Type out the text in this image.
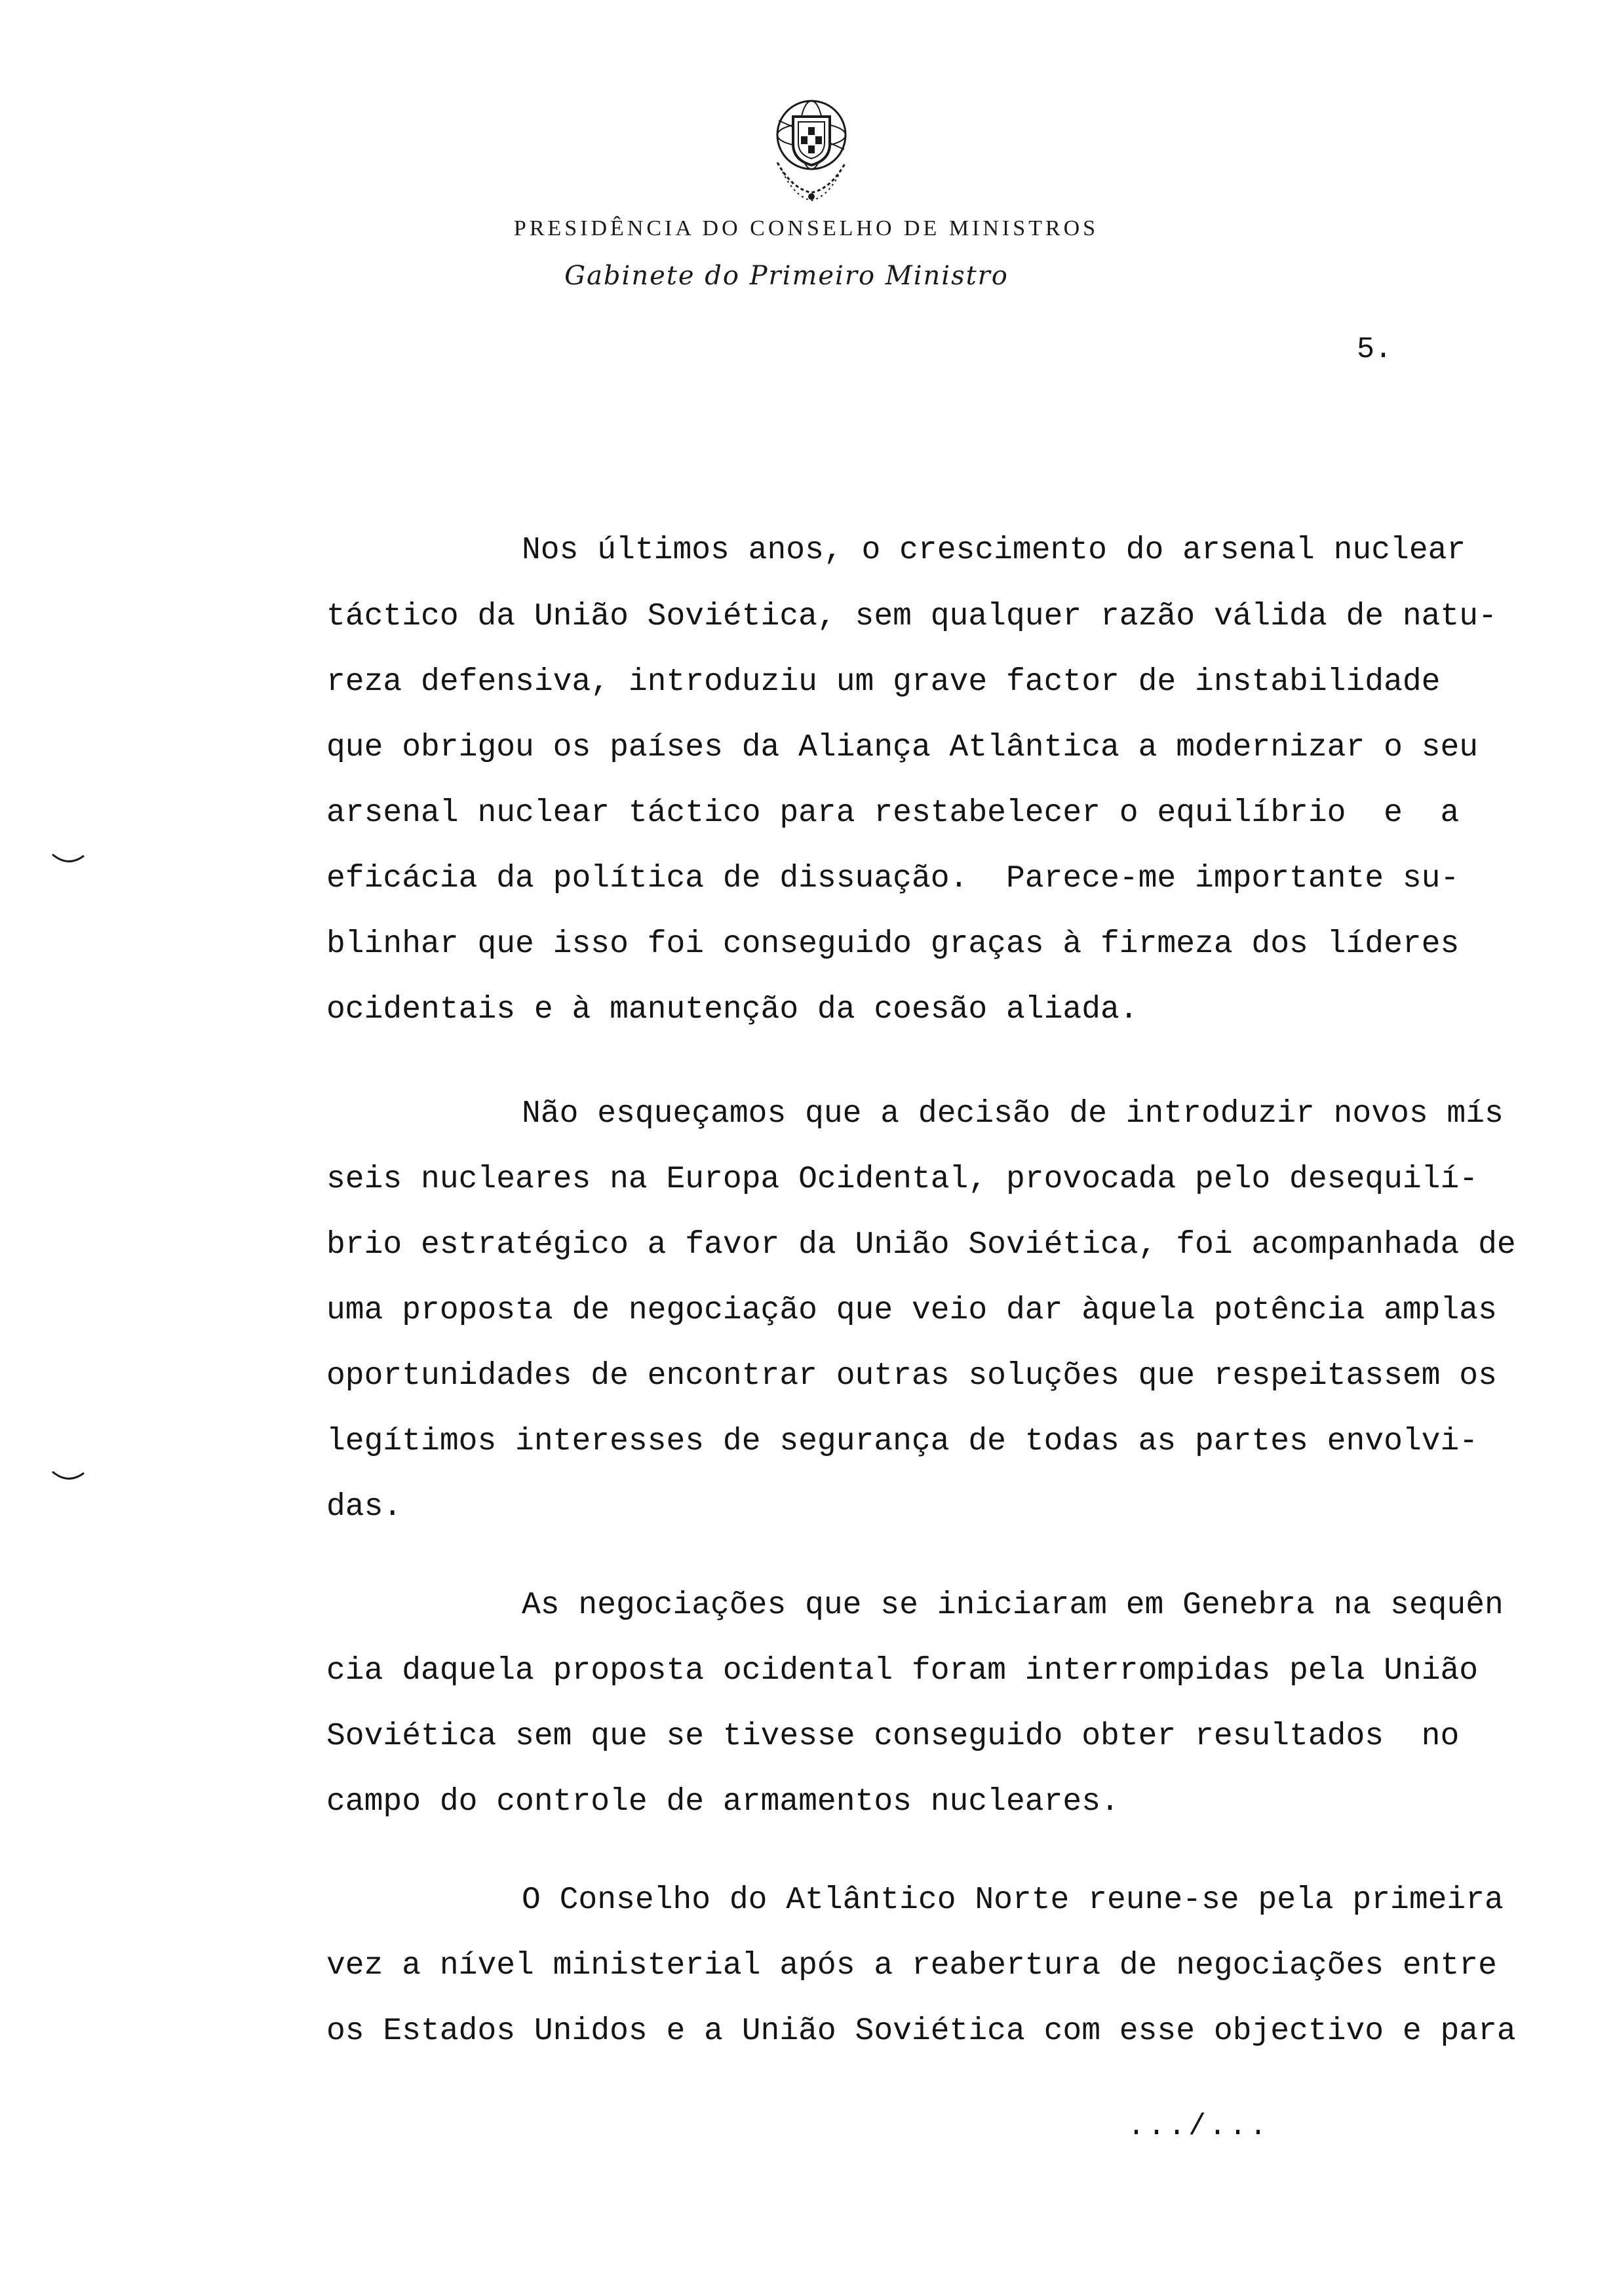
PRESIDÊNCIA DO CONSELHO DE MINISTROS
Gabinete do Primeiro Ministro
5.
Nos últimos anos, o crescimento do arsenal nuclear
táctico da União Soviética, sem qualquer razão válida de natu-
reza defensiva, introduziu um grave factor de instabilidade
que obrigou os países da Aliança Atlântica a modernizar o seu
arsenal nuclear táctico para restabelecer o equilíbrio  e  a
eficácia da política de dissuação.  Parece-me importante su-
blinhar que isso foi conseguido graças à firmeza dos líderes
ocidentais e à manutenção da coesão aliada.
Não esqueçamos que a decisão de introduzir novos mís
seis nucleares na Europa Ocidental, provocada pelo desequilí-
brio estratégico a favor da União Soviética, foi acompanhada de
uma proposta de negociação que veio dar àquela potência amplas
oportunidades de encontrar outras soluções que respeitassem os
legítimos interesses de segurança de todas as partes envolvi-
das.
As negociações que se iniciaram em Genebra na sequên
cia daquela proposta ocidental foram interrompidas pela União
Soviética sem que se tivesse conseguido obter resultados  no
campo do controle de armamentos nucleares.
O Conselho do Atlântico Norte reune-se pela primeira
vez a nível ministerial após a reabertura de negociações entre
os Estados Unidos e a União Soviética com esse objectivo e para
.../...
